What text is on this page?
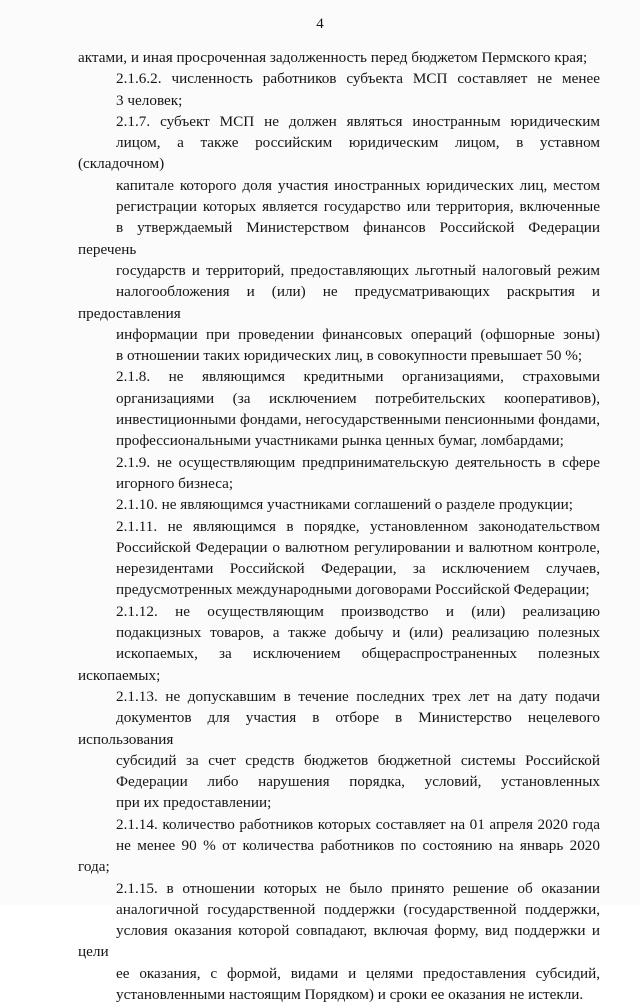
4
актами, и иная просроченная задолженность перед бюджетом Пермского края;
2.1.6.2. численность работников субъекта МСП составляет не менее
3 человек;
2.1.7. субъект МСП не должен являться иностранным юридическим
лицом, а также российским юридическим лицом, в уставном (складочном)
капитале которого доля участия иностранных юридических лиц, местом
регистрации которых является государство или территория, включенные
в утверждаемый Министерством финансов Российской Федерации перечень
государств и территорий, предоставляющих льготный налоговый режим
налогообложения и (или) не предусматривающих раскрытия и предоставления
информации при проведении финансовых операций (офшорные зоны)
в отношении таких юридических лиц, в совокупности превышает 50 %;
2.1.8. не являющимся кредитными организациями, страховыми
организациями (за исключением потребительских кооперативов),
инвестиционными фондами, негосударственными пенсионными фондами,
профессиональными участниками рынка ценных бумаг, ломбардами;
2.1.9. не осуществляющим предпринимательскую деятельность в сфере
игорного бизнеса;
2.1.10. не являющимся участниками соглашений о разделе продукции;
2.1.11. не являющимся в порядке, установленном законодательством
Российской Федерации о валютном регулировании и валютном контроле,
нерезидентами Российской Федерации, за исключением случаев,
предусмотренных международными договорами Российской Федерации;
2.1.12. не осуществляющим производство и (или) реализацию
подакцизных товаров, а также добычу и (или) реализацию полезных
ископаемых, за исключением общераспространенных полезных ископаемых;
2.1.13. не допускавшим в течение последних трех лет на дату подачи
документов для участия в отборе в Министерство нецелевого использования
субсидий за счет средств бюджетов бюджетной системы Российской
Федерации либо нарушения порядка, условий, установленных
при их предоставлении;
2.1.14. количество работников которых составляет на 01 апреля 2020 года
не менее 90 % от количества работников по состоянию на январь 2020 года;
2.1.15. в отношении которых не было принято решение об оказании
аналогичной государственной поддержки (государственной поддержки,
условия оказания которой совпадают, включая форму, вид поддержки и цели
ее оказания, с формой, видами и целями предоставления субсидий,
установленными настоящим Порядком) и сроки ее оказания не истекли.
